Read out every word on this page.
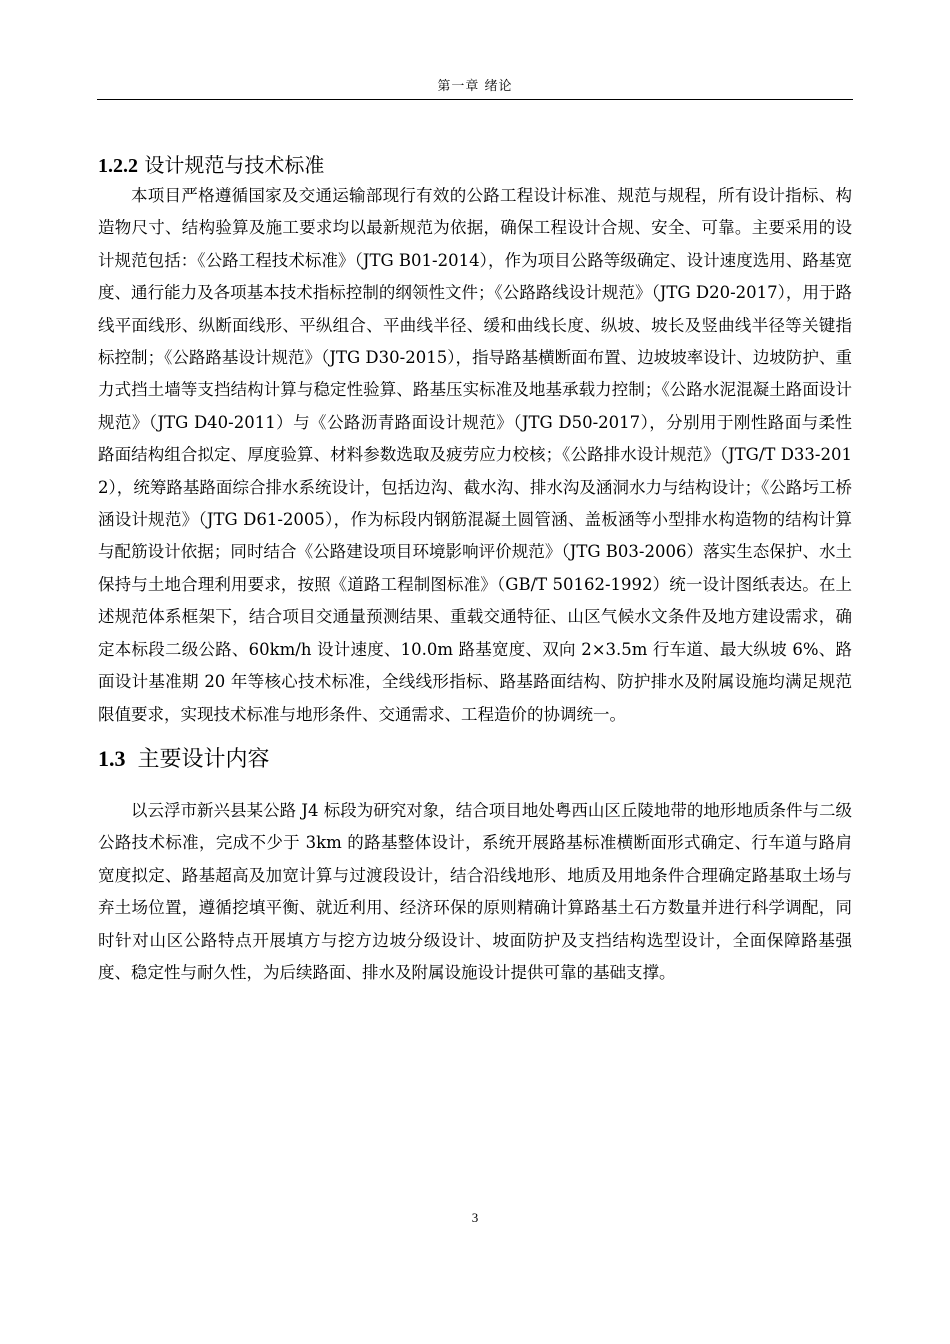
第一章 绪论
1.2.2 设计规范与技术标准

本项目严格遵循国家及交通运输部现行有效的公路工程设计标准、规范与规程，所有设计指标、构造物尺寸、结构验算及施工要求均以最新规范为依据，确保工程设计合规、安全、可靠。主要采用的设计规范包括：《公路工程技术标准》（JTG B01-2014），作为项目公路等级确定、设计速度选用、路基宽度、通行能力及各项基本技术指标控制的纲领性文件；《公路路线设计规范》（JTG D20-2017），用于路线平面线形、纵断面线形、平纵组合、平曲线半径、缓和曲线长度、纵坡、坡长及竖曲线半径等关键指标控制；《公路路基设计规范》（JTG D30-2015），指导路基横断面布置、边坡坡率设计、边坡防护、重力式挡土墙等支挡结构计算与稳定性验算、路基压实标准及地基承载力控制；《公路水泥混凝土路面设计规范》（JTG D40-2011）与《公路沥青路面设计规范》（JTG D50-2017），分别用于刚性路面与柔性路面结构组合拟定、厚度验算、材料参数选取及疲劳应力校核；《公路排水设计规范》（JTG/T D33-2012），统筹路基路面综合排水系统设计，包括边沟、截水沟、排水沟及涵洞水力与结构设计；《公路圬工桥涵设计规范》（JTG D61-2005），作为标段内钢筋混凝土圆管涵、盖板涵等小型排水构造物的结构计算与配筋设计依据；同时结合《公路建设项目环境影响评价规范》（JTG B03-2006）落实生态保护、水土保持与土地合理利用要求，按照《道路工程制图标准》（GB/T 50162-1992）统一设计图纸表达。在上述规范体系框架下，结合项目交通量预测结果、重载交通特征、山区气候水文条件及地方建设需求，确定本标段二级公路、60km/h 设计速度、10.0m 路基宽度、双向 2×3.5m 行车道、最大纵坡 6%、路面设计基准期 20 年等核心技术标准，全线线形指标、路基路面结构、防护排水及附属设施均满足规范限值要求，实现技术标准与地形条件、交通需求、工程造价的协调统一。

1.3 主要设计内容

以云浮市新兴县某公路 J4 标段为研究对象，结合项目地处粤西山区丘陵地带的地形地质条件与二级公路技术标准，完成不少于 3km 的路基整体设计，系统开展路基标准横断面形式确定、行车道与路肩宽度拟定、路基超高及加宽计算与过渡段设计，结合沿线地形、地质及用地条件合理确定路基取土场与弃土场位置，遵循挖填平衡、就近利用、经济环保的原则精确计算路基土石方数量并进行科学调配，同时针对山区公路特点开展填方与挖方边坡分级设计、坡面防护及支挡结构选型设计，全面保障路基强度、稳定性与耐久性，为后续路面、排水及附属设施设计提供可靠的基础支撑。

3
